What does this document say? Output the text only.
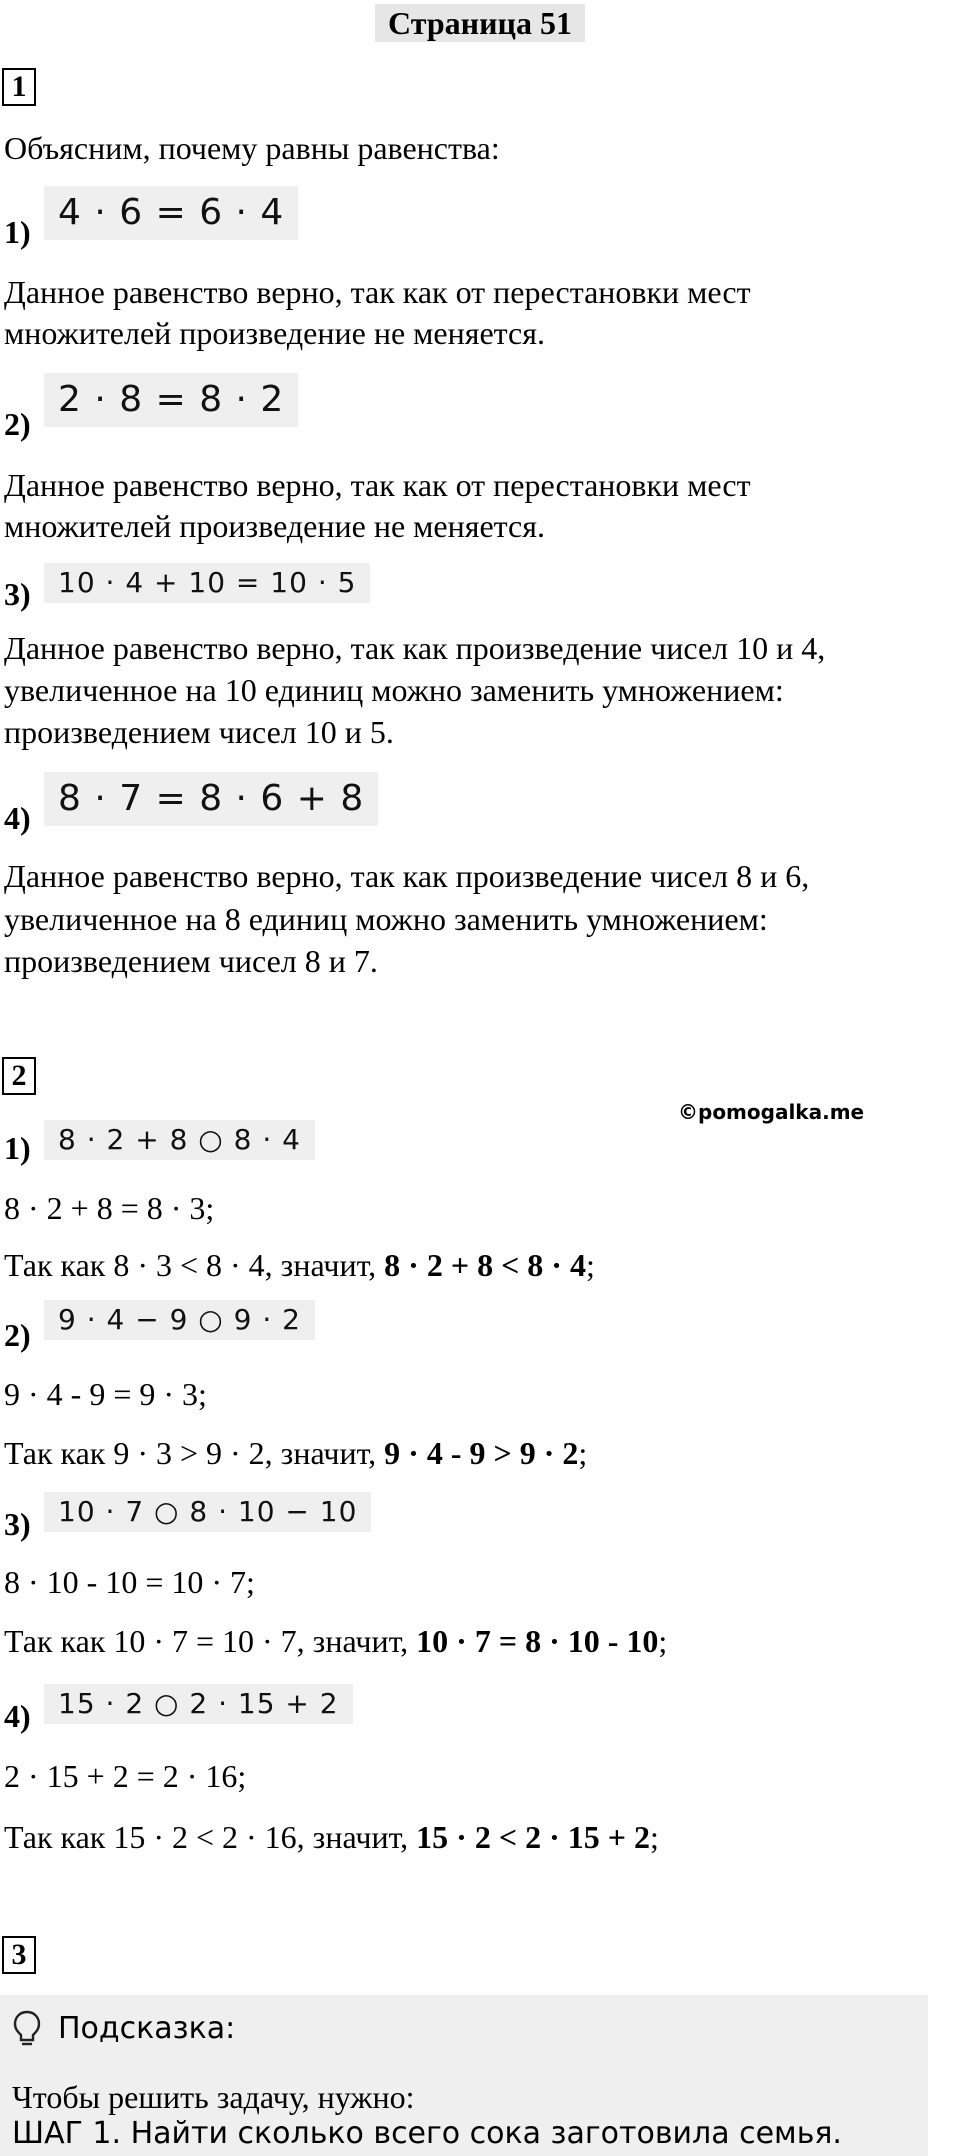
Страница 51
1
Объясним, почему равны равенства:
1) 4 · 6 = 6 · 4
Данное равенство верно, так как от перестановки мест
множителей произведение не меняется.
2)
2 · 8 = 8 · 2
Данное равенство верно, так как от перестановки мест
множителей произведение не меняется.
3) 10 · 4 + 10 = 10 · 5
Данное равенство верно, так как произведение чисел 10 и 4,
увеличенное на 10 единиц можно заменить умножением:
произведением чисел 10 и 5.
4) 8 · 7 = 8 · 6 + 8
Данное равенство верно, так как произведение чисел 8 и 6,
увеличенное на 8 единиц можно заменить умножением:
произведением чисел 8 и 7.
2
©pomogalka.me
1) 8 · 2 + 8 ○ 8 · 4
8 · 2 + 8 = 8 · 3;
Так как 8 · 3 < 8 · 4, значит, 8 · 2 + 8 < 8 · 4;
2) 9 · 4 − 9 ○ 9 · 2
9 · 4 - 9 = 9 · 3;
Так как 9 · 3 > 9 · 2, значит, 9 · 4 - 9 > 9 · 2;
3) 10 · 7 ○ 8 · 10 − 10
8 · 10 - 10 = 10 · 7;
Так как 10 · 7 = 10 · 7, значит, 10 · 7 = 8 · 10 - 10;
4) 15 · 2 ○ 2 · 15 + 2
2 · 15 + 2 = 2 · 16;
Так как 15 · 2 < 2 · 16, значит, 15 · 2 < 2 · 15 + 2;
3
Подсказка:
Чтобы решить задачу, нужно:
ШАГ 1. Найти сколько всего сока заготовила семья.
